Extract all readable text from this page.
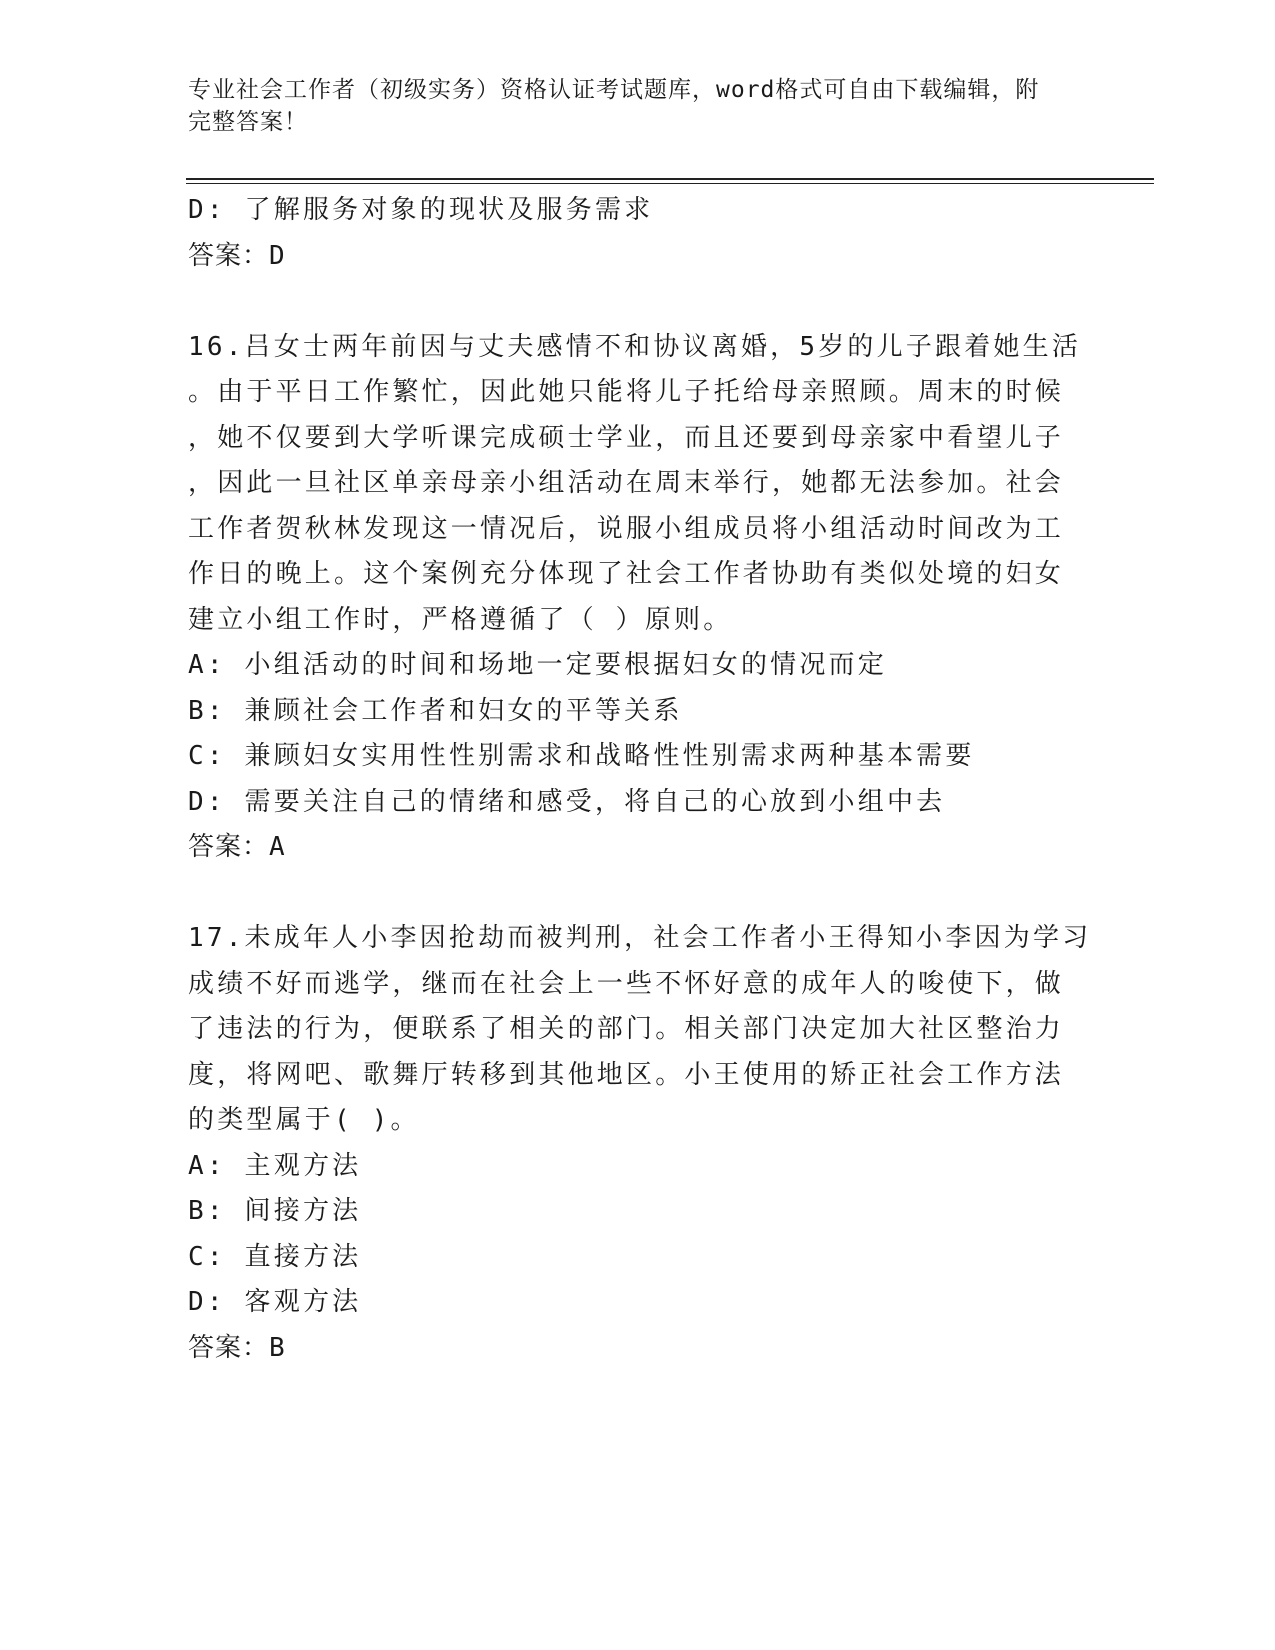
专业社会工作者（初级实务）资格认证考试题库，word格式可自由下载编辑，附
完整答案！
D: 了解服务对象的现状及服务需求
答案：D
16.吕女士两年前因与丈夫感情不和协议离婚，5岁的儿子跟着她生活
。由于平日工作繁忙，因此她只能将儿子托给母亲照顾。周末的时候
，她不仅要到大学听课完成硕士学业，而且还要到母亲家中看望儿子
，因此一旦社区单亲母亲小组活动在周末举行，她都无法参加。社会
工作者贺秋林发现这一情况后，说服小组成员将小组活动时间改为工
作日的晚上。这个案例充分体现了社会工作者协助有类似处境的妇女
建立小组工作时，严格遵循了（ ）原则。
A: 小组活动的时间和场地一定要根据妇女的情况而定
B: 兼顾社会工作者和妇女的平等关系
C: 兼顾妇女实用性性别需求和战略性性别需求两种基本需要
D: 需要关注自己的情绪和感受，将自己的心放到小组中去
答案：A
17.未成年人小李因抢劫而被判刑，社会工作者小王得知小李因为学习
成绩不好而逃学，继而在社会上一些不怀好意的成年人的唆使下，做
了违法的行为，便联系了相关的部门。相关部门决定加大社区整治力
度，将网吧、歌舞厅转移到其他地区。小王使用的矫正社会工作方法
的类型属于( )。
A: 主观方法
B: 间接方法
C: 直接方法
D: 客观方法
答案：B
